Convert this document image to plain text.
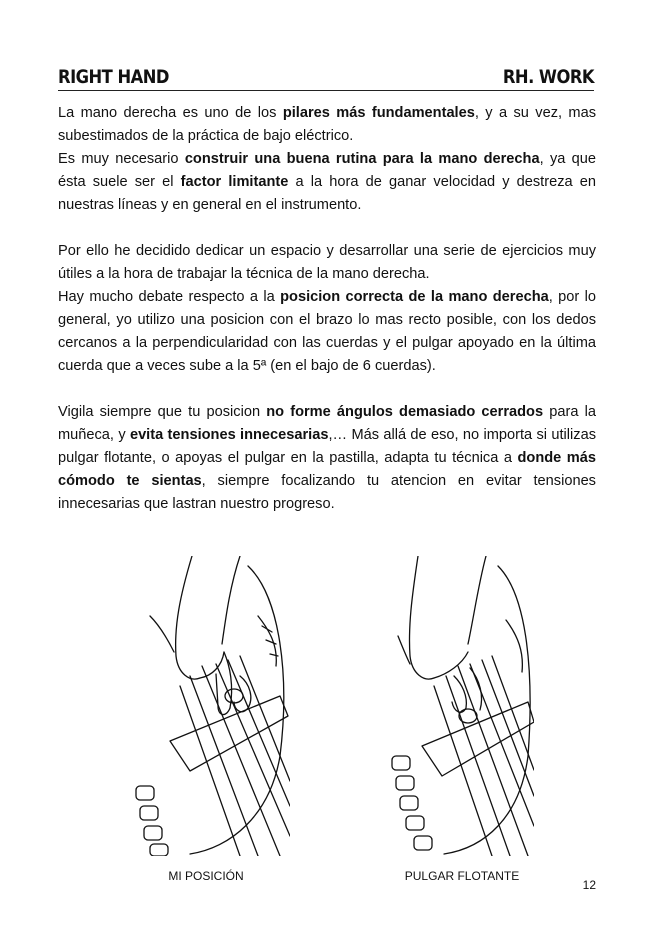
RIGHT HAND	RH. WORK

La mano derecha es uno de los pilares más fundamentales, y a su vez, mas subestimados de la práctica de bajo eléctrico.

Es muy necesario construir una buena rutina para la mano derecha, ya que ésta suele ser el factor limitante a la hora de ganar velocidad y destreza en nuestras líneas y en general en el instrumento.

Por ello he decidido dedicar un espacio y desarrollar una serie de ejercicios muy útiles a la hora de trabajar la técnica de la mano derecha.

Hay mucho debate respecto a la posicion correcta de la mano derecha, por lo general, yo utilizo una posicion con el brazo lo mas recto posible, con los dedos cercanos a la perpendicularidad con las cuerdas y el pulgar apoyado en la última cuerda que a veces sube a la 5ª (en el bajo de 6 cuerdas).

Vigila siempre que tu posicion no forme ángulos demasiado cerrados para la muñeca, y evita tensiones innecesarias,… Más allá de eso, no importa si utilizas pulgar flotante, o apoyas el pulgar en la pastilla, adapta tu técnica a donde más cómodo te sientas, siempre focalizando tu atencion en evitar tensiones innecesarias que lastran nuestro progreso.

MI POSICIÓN	PULGAR FLOTANTE
12
